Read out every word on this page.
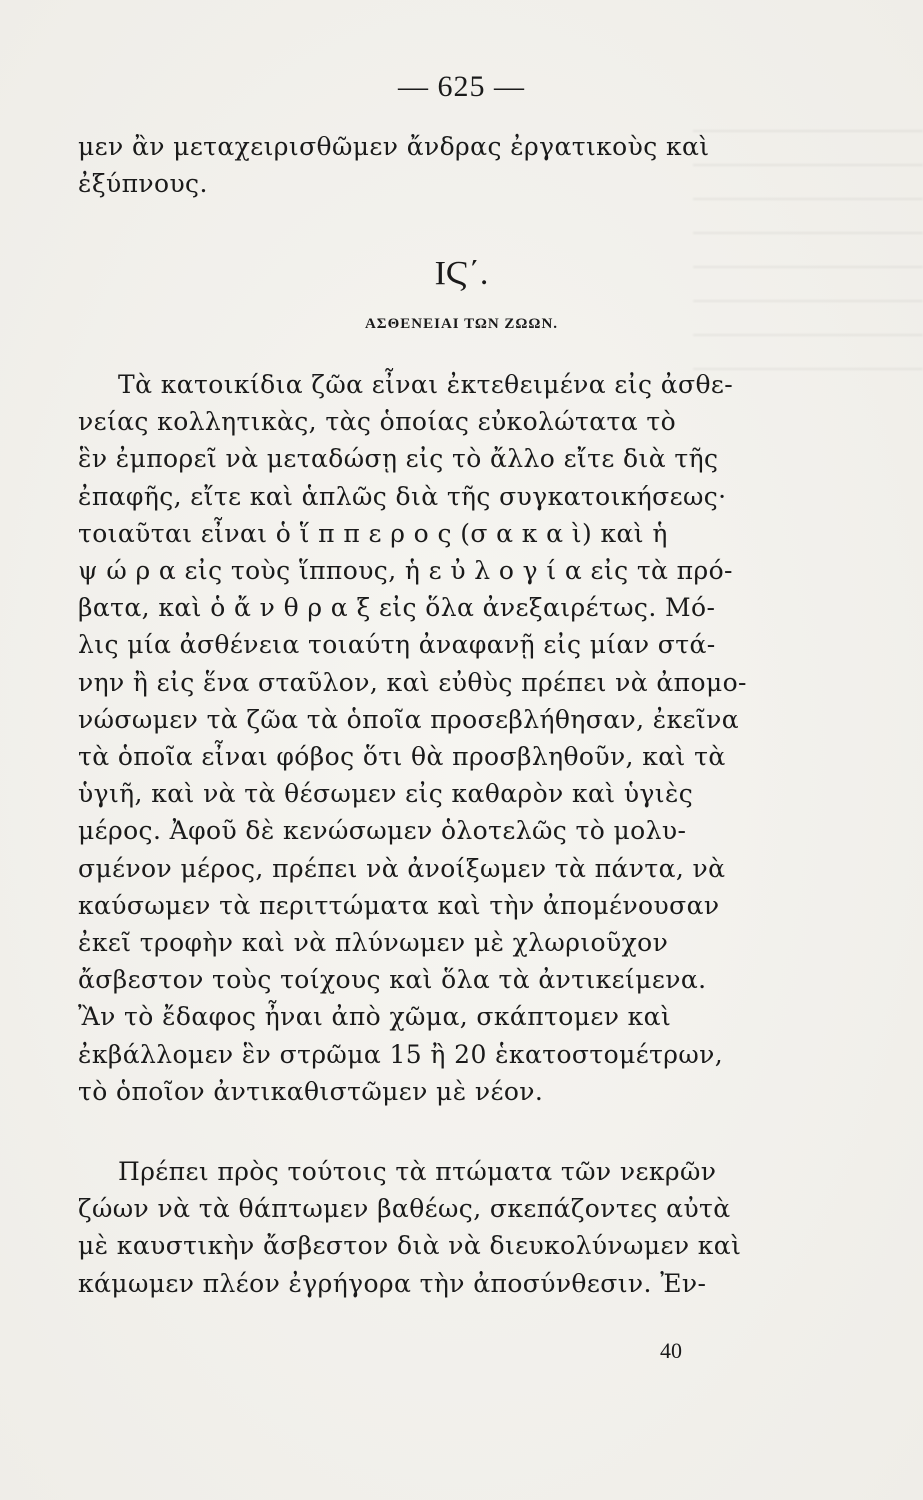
— 625 —
μεν ἂν μεταχειρισθῶμεν ἄνδρας ἐργατικοὺς καὶ
ἐξύπνους.
ΙϚ΄.
ΑΣΘΕΝΕΙΑΙ ΤΩΝ ΖΩΩΝ.
Τὰ κατοικίδια ζῶα εἶναι ἐκτεθειμένα εἰς ἀσθε-
νείας κολλητικὰς, τὰς ὁποίας εὐκολώτατα τὸ
ἓν ἐμπορεῖ νὰ μεταδώσῃ εἰς τὸ ἄλλο εἴτε διὰ τῆς
ἐπαφῆς, εἴτε καὶ ἁπλῶς διὰ τῆς συγκατοικήσεως·
τοιαῦται εἶναι ὁ ἵ π π ε ρ ο ς (σ α κ α ὶ) καὶ ἡ
ψ ώ ρ α εἰς τοὺς ἵππους, ἡ ε ὐ λ ο γ ί α εἰς τὰ πρό-
βατα, καὶ ὁ ἄ ν θ ρ α ξ εἰς ὅλα ἀνεξαιρέτως. Μό-
λις μία ἀσθένεια τοιαύτη ἀναφανῇ εἰς μίαν στά-
νην ἢ εἰς ἕνα σταῦλον, καὶ εὐθὺς πρέπει νὰ ἀπομο-
νώσωμεν τὰ ζῶα τὰ ὁποῖα προσεβλήθησαν, ἐκεῖνα
τὰ ὁποῖα εἶναι φόβος ὅτι θὰ προσβληθοῦν, καὶ τὰ
ὑγιῆ, καὶ νὰ τὰ θέσωμεν εἰς καθαρὸν καὶ ὑγιὲς
μέρος. Ἀφοῦ δὲ κενώσωμεν ὁλοτελῶς τὸ μολυ-
σμένον μέρος, πρέπει νὰ ἀνοίξωμεν τὰ πάντα, νὰ
καύσωμεν τὰ περιττώματα καὶ τὴν ἀπομένουσαν
ἐκεῖ τροφὴν καὶ νὰ πλύνωμεν μὲ χλωριοῦχον
ἄσβεστον τοὺς τοίχους καὶ ὅλα τὰ ἀντικείμενα.
Ἂν τὸ ἔδαφος ἦναι ἀπὸ χῶμα, σκάπτομεν καὶ
ἐκβάλλομεν ἓν στρῶμα 15 ἢ 20 ἑκατοστομέτρων,
τὸ ὁποῖον ἀντικαθιστῶμεν μὲ νέον.
Πρέπει πρὸς τούτοις τὰ πτώματα τῶν νεκρῶν
ζώων νὰ τὰ θάπτωμεν βαθέως, σκεπάζοντες αὐτὰ
μὲ καυστικὴν ἄσβεστον διὰ νὰ διευκολύνωμεν καὶ
κάμωμεν πλέον ἐγρήγορα τὴν ἀποσύνθεσιν. Ἐν-
40
